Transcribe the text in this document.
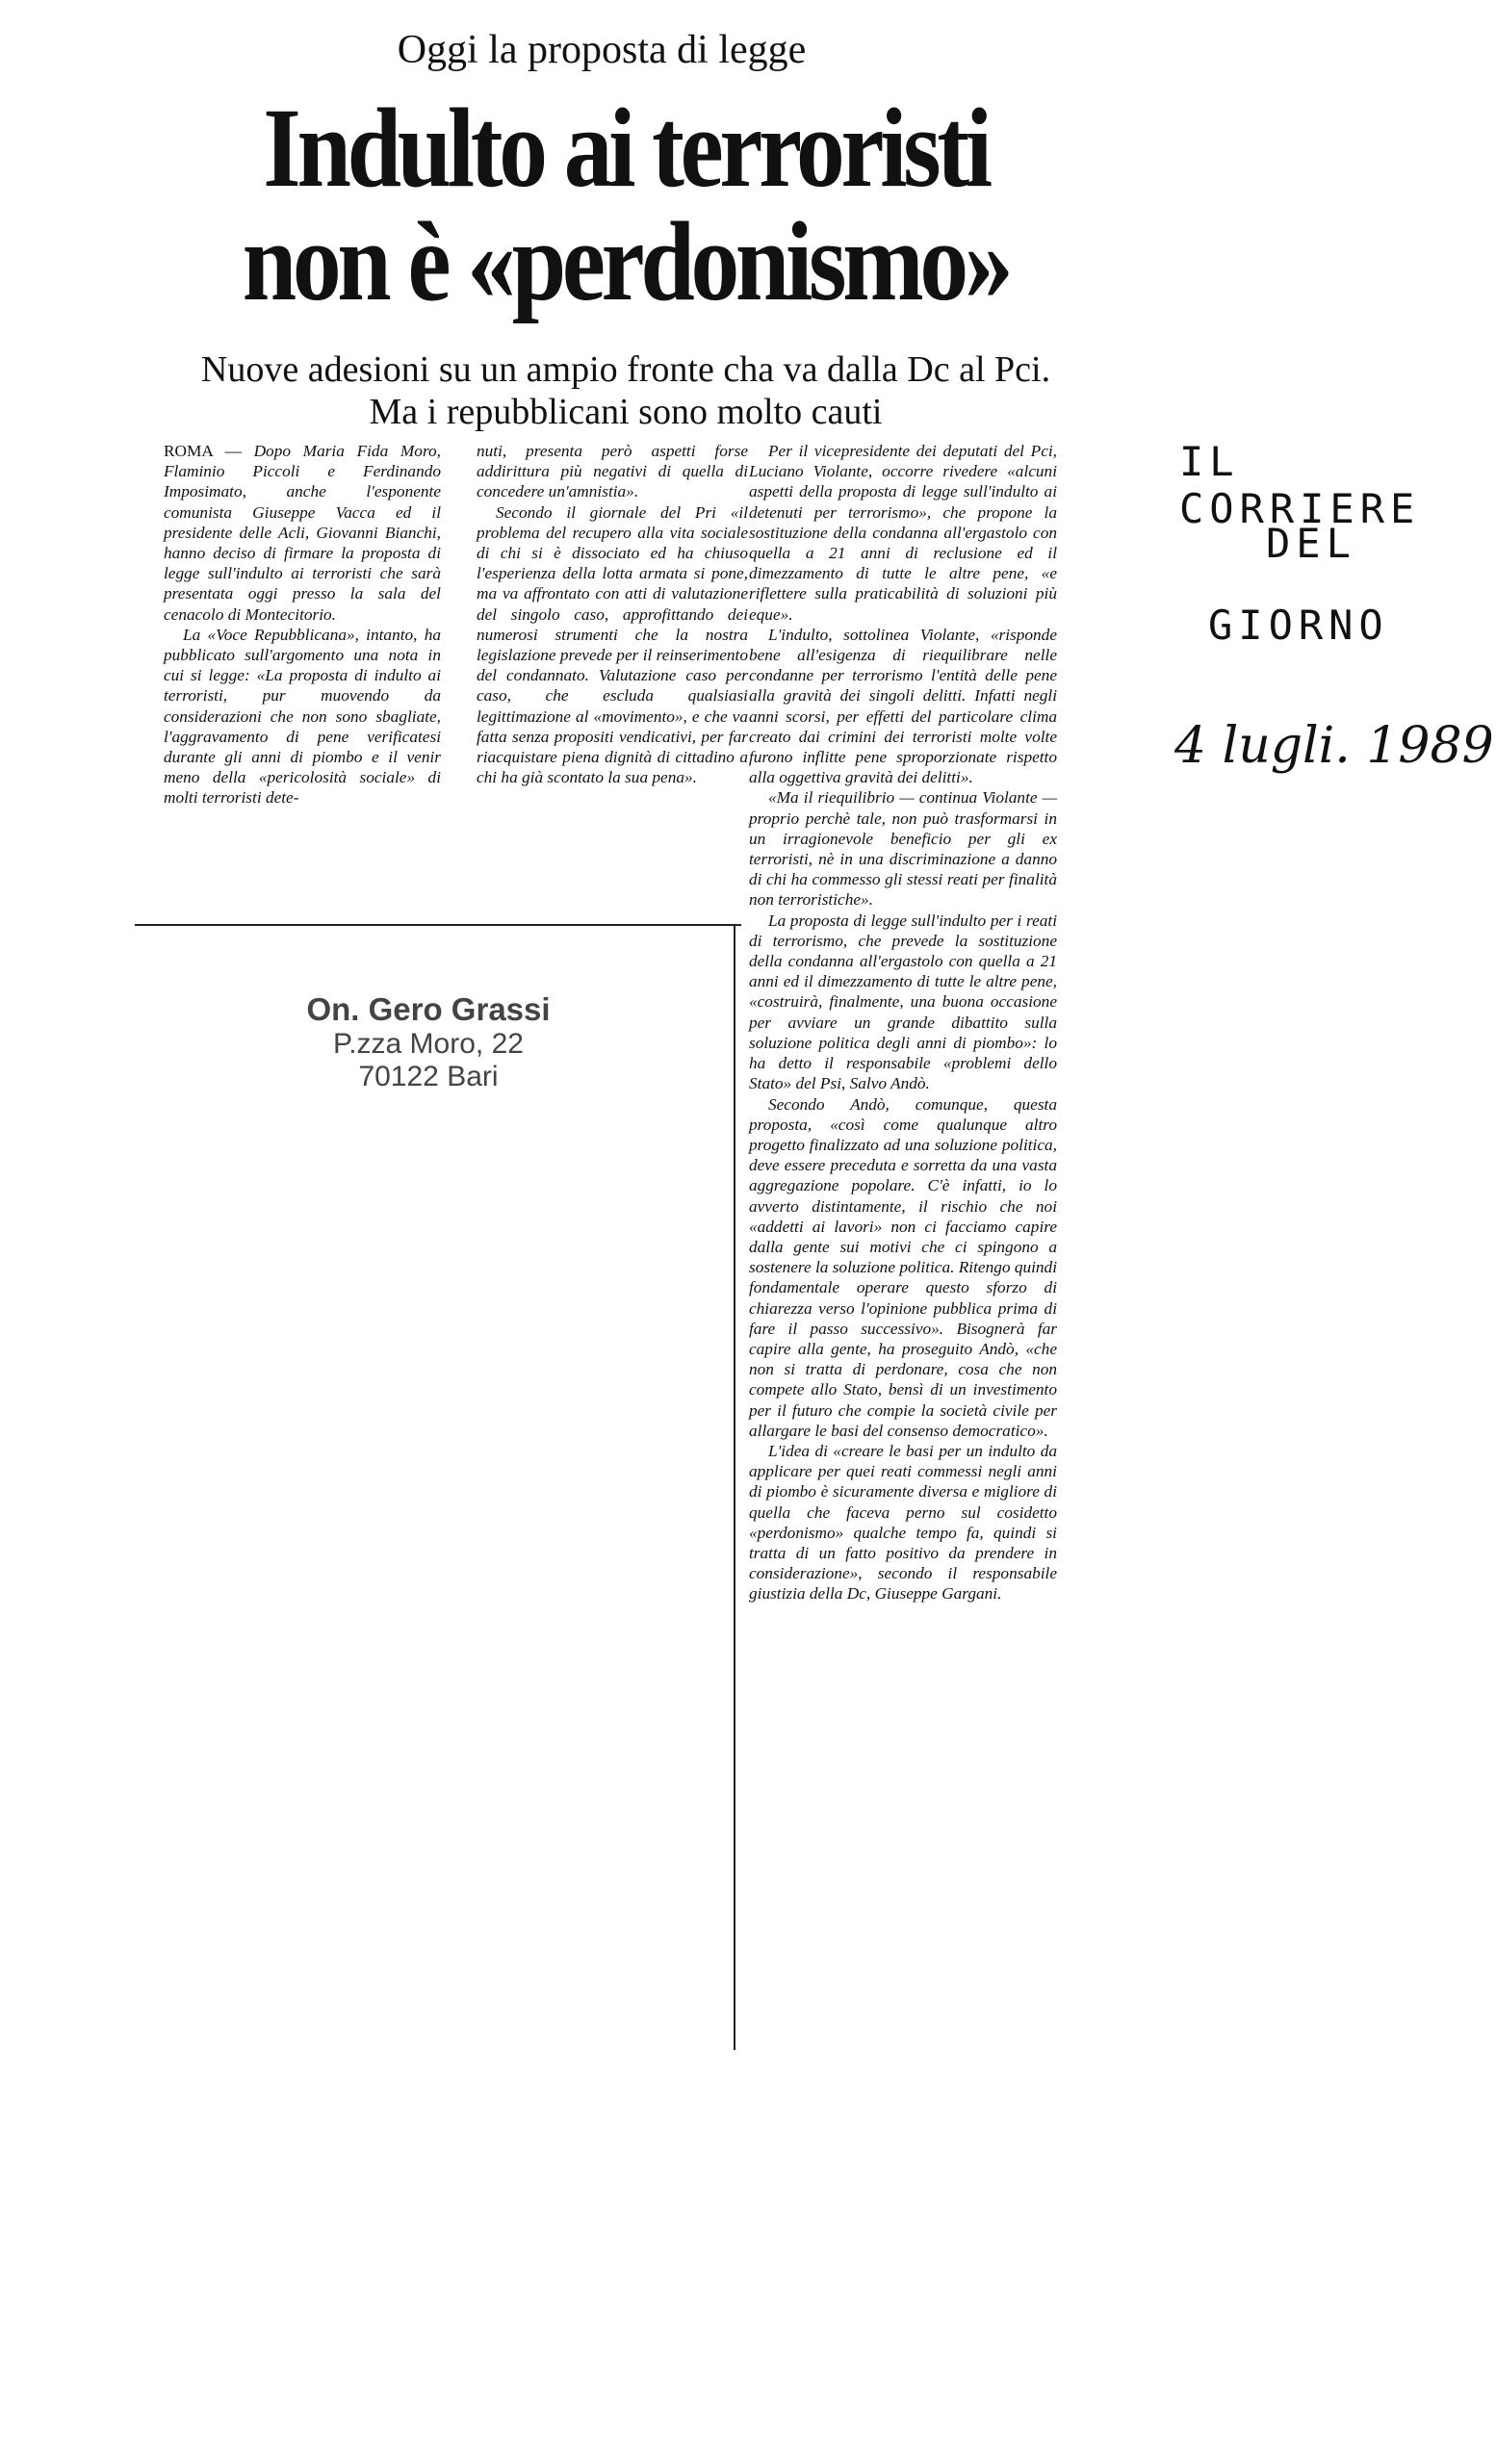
Oggi la proposta di legge
Indulto ai terroristi
non è «perdonismo»
Nuove adesioni su un ampio fronte cha va dalla Dc al Pci.
Ma i repubblicani sono molto cauti

ROMA — Dopo Maria Fida Moro, Flaminio Piccoli e Ferdinando Imposimato, anche l'esponente comunista Giuseppe Vacca ed il presidente delle Acli, Giovanni Bianchi, hanno deciso di firmare la proposta di legge sull'indulto ai terroristi che sarà presentata oggi presso la sala del cenacolo di Montecitorio.

La «Voce Repubblicana», intanto, ha pubblicato sull'argomento una nota in cui si legge: «La proposta di indulto ai terroristi, pur muovendo da considerazioni che non sono sbagliate, l'aggravamento di pene verificatesi durante gli anni di piombo e il venir meno della «pericolosità sociale» di molti terroristi dete-

nuti, presenta però aspetti forse addirittura più negativi di quella di concedere un'amnistia».

Secondo il giornale del Pri «il problema del recupero alla vita sociale di chi si è dissociato ed ha chiuso l'esperienza della lotta armata si pone, ma va affrontato con atti di valutazione del singolo caso, approfittando dei numerosi strumenti che la nostra legislazione prevede per il reinserimento del condannato. Valutazione caso per caso, che escluda qualsiasi legittimazione al «movimento», e che va fatta senza propositi vendicativi, per far riacquistare piena dignità di cittadino a chi ha già scontato la sua pena».

Per il vicepresidente dei deputati del Pci, Luciano Violante, occorre rivedere «alcuni aspetti della proposta di legge sull'indulto ai detenuti per terrorismo», che propone la sostituzione della condanna all'ergastolo con quella a 21 anni di reclusione ed il dimezzamento di tutte le altre pene, «e riflettere sulla praticabilità di soluzioni più eque».

L'indulto, sottolinea Violante, «risponde bene all'esigenza di riequilibrare nelle condanne per terrorismo l'entità delle pene alla gravità dei singoli delitti. Infatti negli anni scorsi, per effetti del particolare clima creato dai crimini dei terroristi molte volte furono inflitte pene sproporzionate rispetto alla oggettiva gravità dei delitti».

«Ma il riequilibrio — continua Violante — proprio perchè tale, non può trasformarsi in un irragionevole beneficio per gli ex terroristi, nè in una discriminazione a danno di chi ha commesso gli stessi reati per finalità non terroristiche».

La proposta di legge sull'indulto per i reati di terrorismo, che prevede la sostituzione della condanna all'ergastolo con quella a 21 anni ed il dimezzamento di tutte le altre pene, «costruirà, finalmente, una buona occasione per avviare un grande dibattito sulla soluzione politica degli anni di piombo»: lo ha detto il responsabile «problemi dello Stato» del Psi, Salvo Andò.

Secondo Andò, comunque, questa proposta, «così come qualunque altro progetto finalizzato ad una soluzione politica, deve essere preceduta e sorretta da una vasta aggregazione popolare. C'è infatti, io lo avverto distintamente, il rischio che noi «addetti ai lavori» non ci facciamo capire dalla gente sui motivi che ci spingono a sostenere la soluzione politica. Ritengo quindi fondamentale operare questo sforzo di chiarezza verso l'opinione pubblica prima di fare il passo successivo». Bisognerà far capire alla gente, ha proseguito Andò, «che non si tratta di perdonare, cosa che non compete allo Stato, bensì di un investimento per il futuro che compie la società civile per allargare le basi del consenso democratico».

L'idea di «creare le basi per un indulto da applicare per quei reati commessi negli anni di piombo è sicuramente diversa e migliore di quella che faceva perno sul cosidetto «perdonismo» qualche tempo fa, quindi si tratta di un fatto positivo da prendere in considerazione», secondo il responsabile giustizia della Dc, Giuseppe Gargani.

On. Gero Grassi
P.zza Moro, 22
70122 Bari
IL CORRIERE
DEL
GIORNO
4 lugli. 1989
